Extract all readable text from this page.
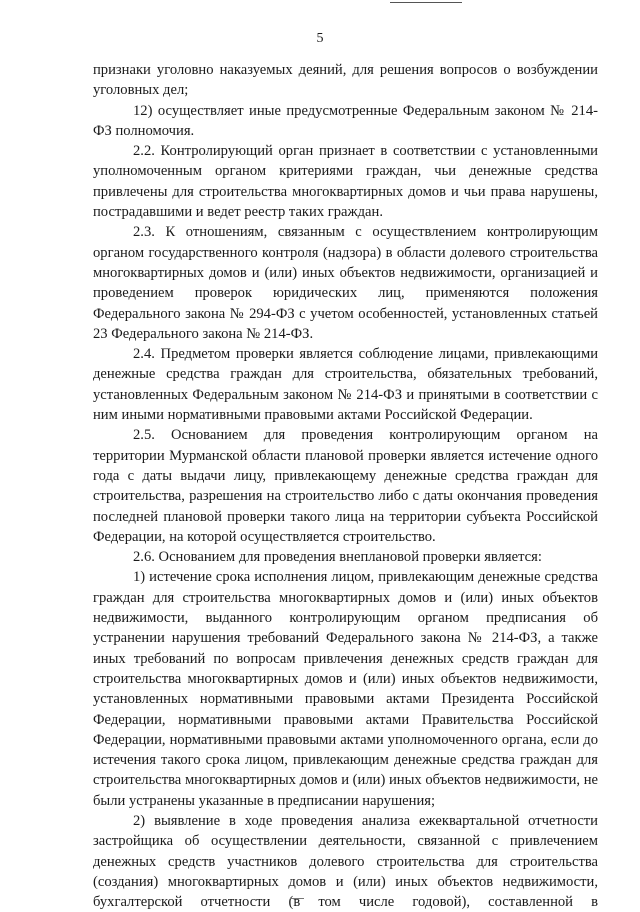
5

признаки уголовно наказуемых деяний, для решения вопросов о возбуждении уголовных дел;

12) осуществляет иные предусмотренные Федеральным законом № 214-ФЗ полномочия.

2.2. Контролирующий орган признает в соответствии с установленными уполномоченным органом критериями граждан, чьи денежные средства привлечены для строительства многоквартирных домов и чьи права нарушены, пострадавшими и ведет реестр таких граждан.

2.3. К отношениям, связанным с осуществлением контролирующим органом государственного контроля (надзора) в области долевого строительства многоквартирных домов и (или) иных объектов недвижимости, организацией и проведением проверок юридических лиц, применяются положения Федерального закона № 294-ФЗ с учетом особенностей, установленных статьей 23 Федерального закона № 214-ФЗ.

2.4. Предметом проверки является соблюдение лицами, привлекающими денежные средства граждан для строительства, обязательных требований, установленных Федеральным законом № 214-ФЗ и принятыми в соответствии с ним иными нормативными правовыми актами Российской Федерации.

2.5. Основанием для проведения контролирующим органом на территории Мурманской области плановой проверки является истечение одного года с даты выдачи лицу, привлекающему денежные средства граждан для строительства, разрешения на строительство либо с даты окончания проведения последней плановой проверки такого лица на территории субъекта Российской Федерации, на которой осуществляется строительство.

2.6. Основанием для проведения внеплановой проверки является:

1) истечение срока исполнения лицом, привлекающим денежные средства граждан для строительства многоквартирных домов и (или) иных объектов недвижимости, выданного контролирующим органом предписания об устранении нарушения требований Федерального закона № 214-ФЗ, а также иных требований по вопросам привлечения денежных средств граждан для строительства многоквартирных домов и (или) иных объектов недвижимости, установленных нормативными правовыми актами Президента Российской Федерации, нормативными правовыми актами Правительства Российской Федерации, нормативными правовыми актами уполномоченного органа, если до истечения такого срока лицом, привлекающим денежные средства граждан для строительства многоквартирных домов и (или) иных объектов недвижимости, не были устранены указанные в предписании нарушения;

2) выявление в ходе проведения анализа ежеквартальной отчетности застройщика об осуществлении деятельности, связанной с привлечением денежных средств участников долевого строительства для строительства (создания) многоквартирных домов и (или) иных объектов недвижимости, бухгалтерской отчетности (в том числе годовой), составленной в
